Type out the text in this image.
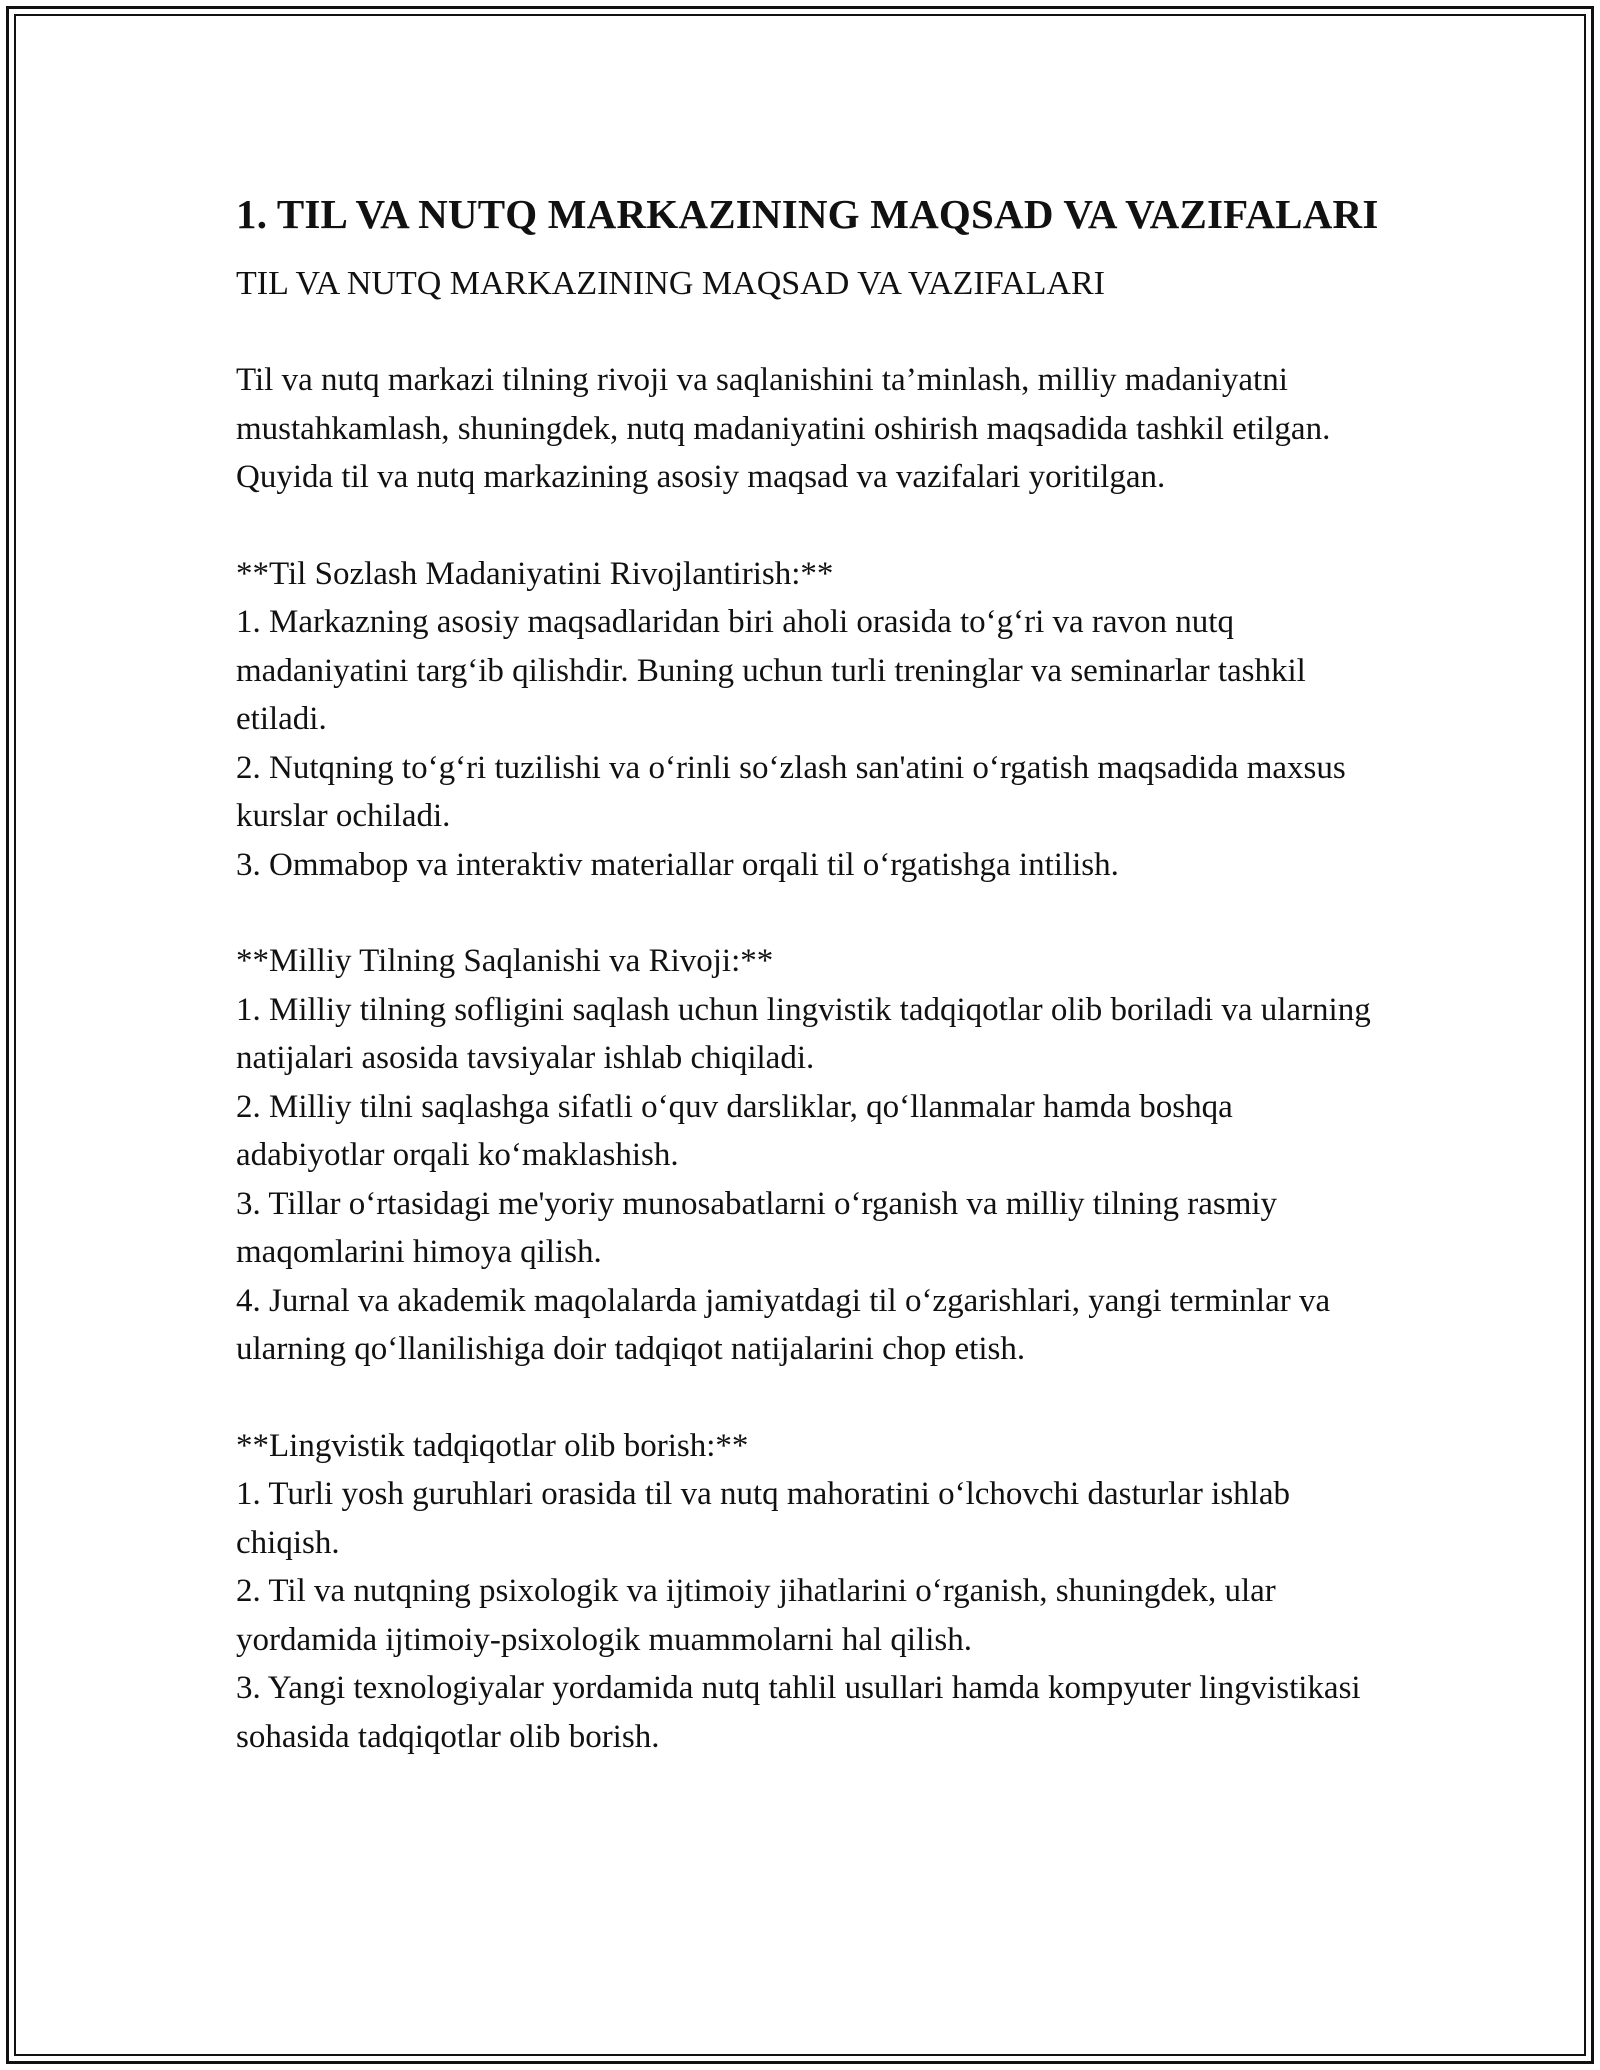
1. TIL VA NUTQ MARKAZINING MAQSAD VA VAZIFALARI
TIL VA NUTQ MARKAZINING MAQSAD VA VAZIFALARI

Til va nutq markazi tilning rivoji va saqlanishini ta’minlash, milliy madaniyatni mustahkamlash, shuningdek, nutq madaniyatini oshirish maqsadida tashkil etilgan. Quyida til va nutq markazining asosiy maqsad va vazifalari yoritilgan.

**Til Sozlash Madaniyatini Rivojlantirish:**
1. Markazning asosiy maqsadlaridan biri aholi orasida to‘g‘ri va ravon nutq madaniyatini targ‘ib qilishdir. Buning uchun turli treninglar va seminarlar tashkil etiladi.
2. Nutqning to‘g‘ri tuzilishi va o‘rinli so‘zlash san'atini o‘rgatish maqsadida maxsus kurslar ochiladi.
3. Ommabop va interaktiv materiallar orqali til o‘rgatishga intilish.
**Milliy Tilning Saqlanishi va Rivoji:**
1. Milliy tilning sofligini saqlash uchun lingvistik tadqiqotlar olib boriladi va ularning natijalari asosida tavsiyalar ishlab chiqiladi.
2. Milliy tilni saqlashga sifatli o‘quv darsliklar, qo‘llanmalar hamda boshqa adabiyotlar orqali ko‘maklashish.
3. Tillar o‘rtasidagi me'yoriy munosabatlarni o‘rganish va milliy tilning rasmiy maqomlarini himoya qilish.
4. Jurnal va akademik maqolalarda jamiyatdagi til o‘zgarishlari, yangi terminlar va ularning qo‘llanilishiga doir tadqiqot natijalarini chop etish.
**Lingvistik tadqiqotlar olib borish:**
1. Turli yosh guruhlari orasida til va nutq mahoratini o‘lchovchi dasturlar ishlab chiqish.
2. Til va nutqning psixologik va ijtimoiy jihatlarini o‘rganish, shuningdek, ular yordamida ijtimoiy-psixologik muammolarni hal qilish.
3. Yangi texnologiyalar yordamida nutq tahlil usullari hamda kompyuter lingvistikasi sohasida tadqiqotlar olib borish.
